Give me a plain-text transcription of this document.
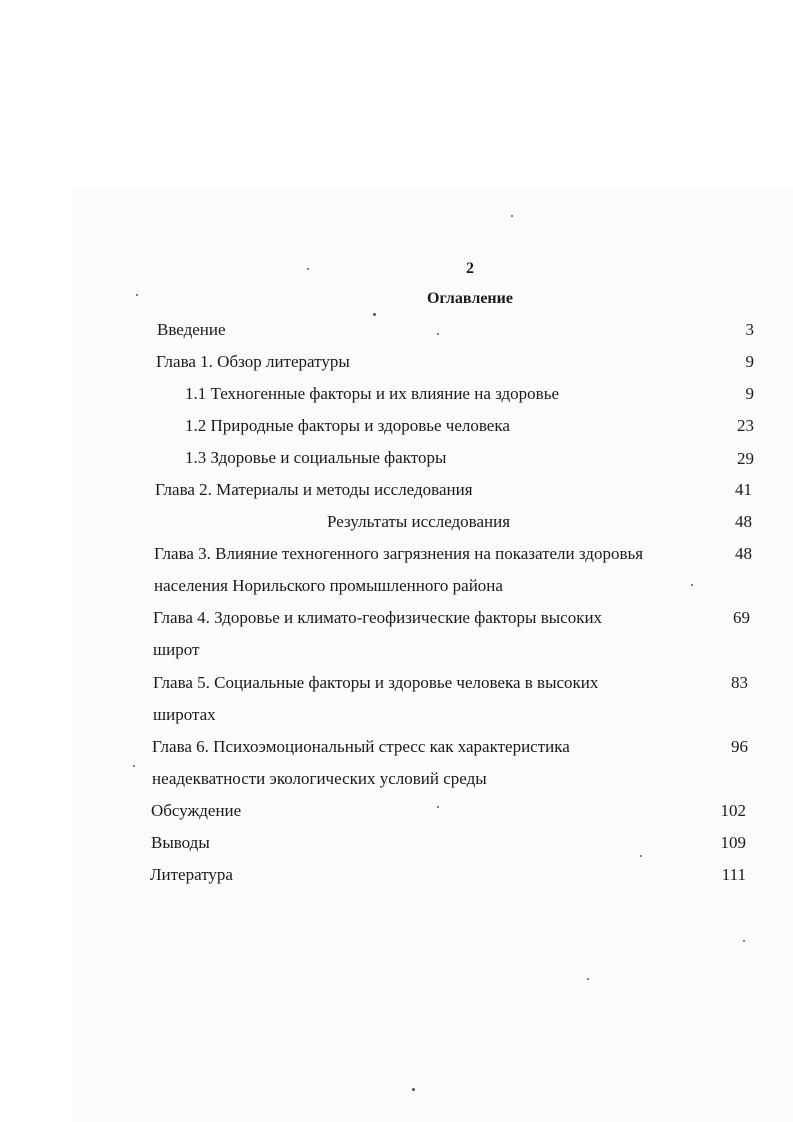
2
Оглавление
Введение	3
Глава 1. Обзор литературы	9
1.1 Техногенные факторы и их влияние на здоровье	9
1.2 Природные факторы и здоровье человека	23
1.3 Здоровье и социальные факторы	29
Глава 2. Материалы и методы исследования	41
Результаты исследования	48
Глава 3. Влияние техногенного загрязнения на показатели здоровья	48
населения Норильского промышленного района
Глава 4. Здоровье и климато-геофизические факторы высоких	69
широт
Глава 5. Социальные факторы и здоровье человека в высоких	83
широтах
Глава 6. Психоэмоциональный стресс как характеристика	96
неадекватности экологических условий среды
Обсуждение	102
Выводы	109
Литература	111
